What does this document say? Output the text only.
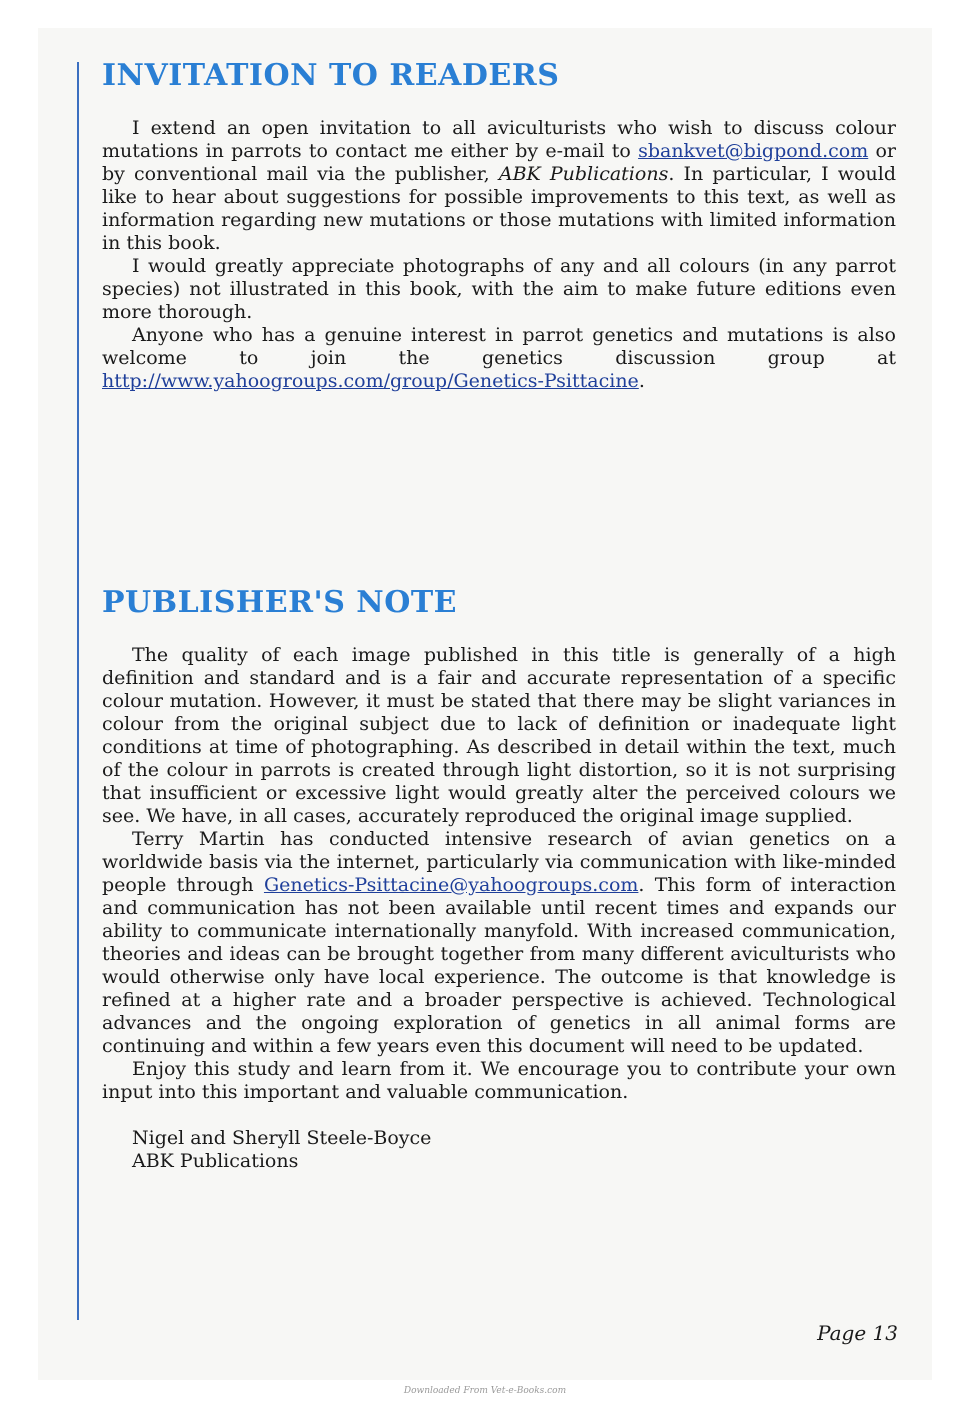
INVITATION TO READERS

I extend an open invitation to all aviculturists who wish to discuss colour mutations in parrots to contact me either by e-mail to sbankvet@bigpond.com or by conventional mail via the publisher, ABK Publications. In particular, I would like to hear about suggestions for possible improvements to this text, as well as information regarding new mutations or those mutations with limited information in this book.

I would greatly appreciate photographs of any and all colours (in any parrot species) not illustrated in this book, with the aim to make future editions even more thorough.

Anyone who has a genuine interest in parrot genetics and mutations is also welcome to join the genetics discussion group at http://www.yahoogroups.com/group/Genetics-Psittacine.

PUBLISHER'S NOTE

The quality of each image published in this title is generally of a high definition and standard and is a fair and accurate representation of a specific colour mutation. However, it must be stated that there may be slight variances in colour from the original subject due to lack of definition or inadequate light conditions at time of photographing. As described in detail within the text, much of the colour in parrots is created through light distortion, so it is not surprising that insufficient or excessive light would greatly alter the perceived colours we see. We have, in all cases, accurately reproduced the original image supplied.

Terry Martin has conducted intensive research of avian genetics on a worldwide basis via the internet, particularly via communication with like-minded people through Genetics-Psittacine@yahoogroups.com. This form of interaction and communication has not been available until recent times and expands our ability to communicate internationally manyfold. With increased communication, theories and ideas can be brought together from many different aviculturists who would otherwise only have local experience. The outcome is that knowledge is refined at a higher rate and a broader perspective is achieved. Technological advances and the ongoing exploration of genetics in all animal forms are continuing and within a few years even this document will need to be updated.

Enjoy this study and learn from it. We encourage you to contribute your own input into this important and valuable communication.

Nigel and Sheryll Steele-Boyce
ABK Publications
Page 13
Downloaded From Vet-e-Books.com
